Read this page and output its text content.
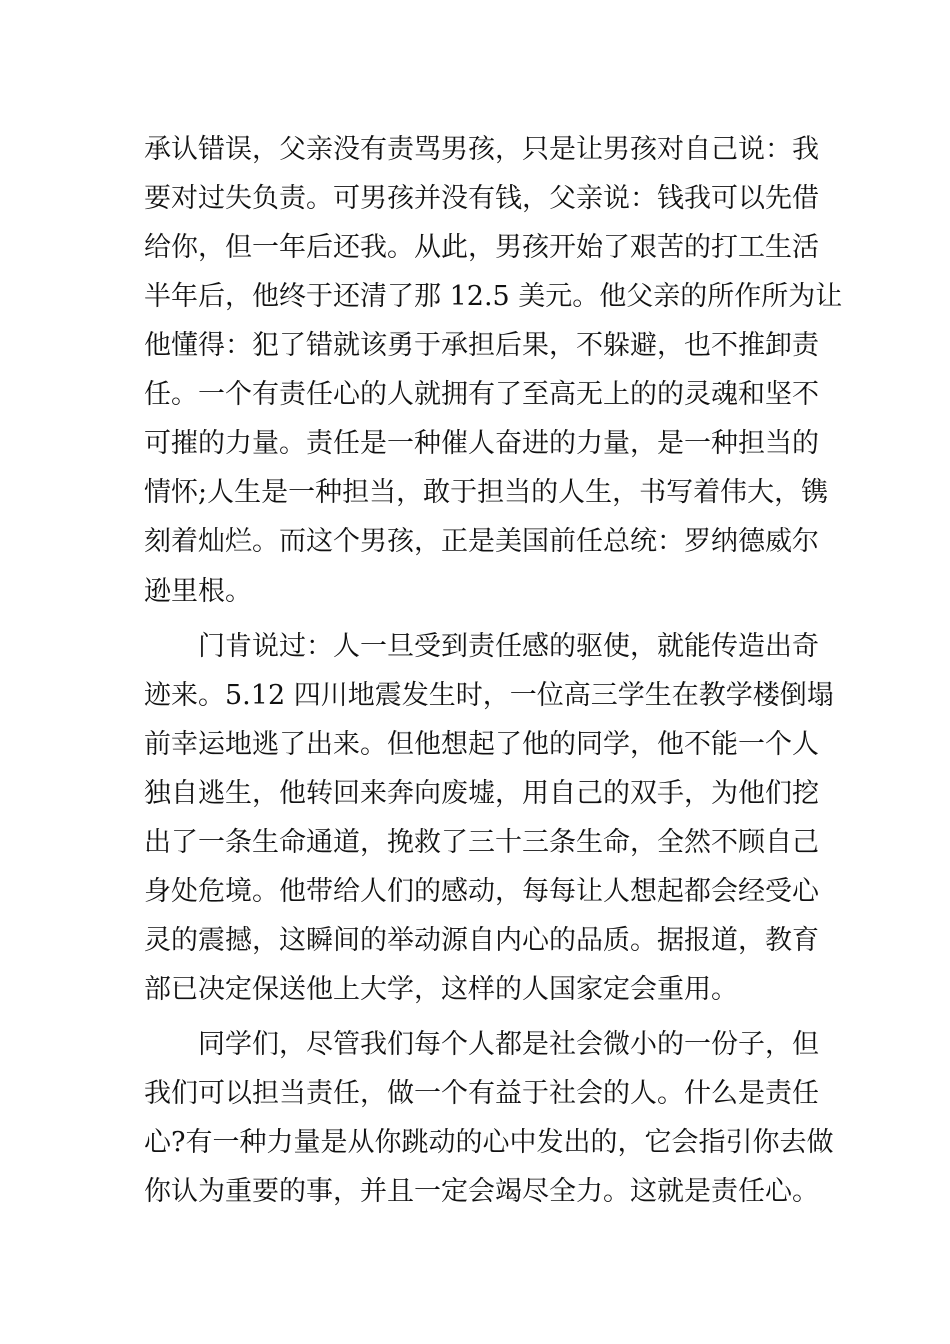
承认错误，父亲没有责骂男孩，只是让男孩对自己说：我
要对过失负责。可男孩并没有钱，父亲说：钱我可以先借
给你，但一年后还我。从此，男孩开始了艰苦的打工生活
半年后，他终于还清了那 12.5 美元。他父亲的所作所为让
他懂得：犯了错就该勇于承担后果，不躲避，也不推卸责
任。一个有责任心的人就拥有了至高无上的的灵魂和坚不
可摧的力量。责任是一种催人奋进的力量，是一种担当的
情怀;人生是一种担当，敢于担当的人生，书写着伟大，镌
刻着灿烂。而这个男孩，正是美国前任总统：罗纳德威尔
逊里根。
门肯说过：人一旦受到责任感的驱使，就能传造出奇
迹来。5.12 四川地震发生时，一位高三学生在教学楼倒塌
前幸运地逃了出来。但他想起了他的同学，他不能一个人
独自逃生，他转回来奔向废墟，用自己的双手，为他们挖
出了一条生命通道，挽救了三十三条生命，全然不顾自己
身处危境。他带给人们的感动，每每让人想起都会经受心
灵的震撼，这瞬间的举动源自内心的品质。据报道，教育
部已决定保送他上大学，这样的人国家定会重用。
同学们，尽管我们每个人都是社会微小的一份子，但
我们可以担当责任，做一个有益于社会的人。什么是责任
心?有一种力量是从你跳动的心中发出的，它会指引你去做
你认为重要的事，并且一定会竭尽全力。这就是责任心。
